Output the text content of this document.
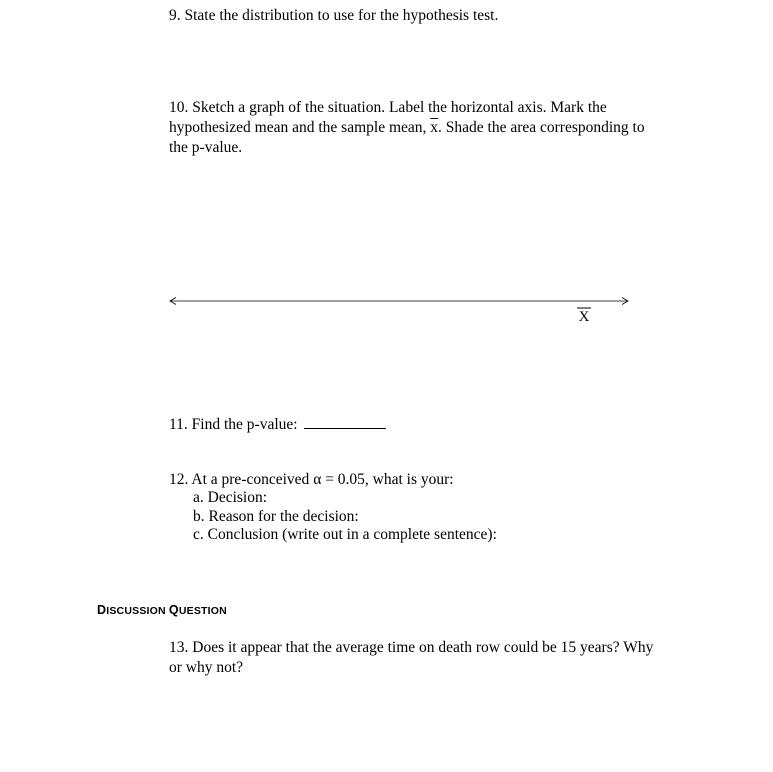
9. State the distribution to use for the hypothesis test.
10. Sketch a graph of the situation. Label the horizontal axis. Mark the
hypothesized mean and the sample mean, $\overline{x}$. Shade the area corresponding to
the p-value.
X
11. Find the p-value:
12. At a pre-conceived α = 0.05, what is your:
a. Decision:
b. Reason for the decision:
c. Conclusion (write out in a complete sentence):
DISCUSSION QUESTION
13. Does it appear that the average time on death row could be 15 years? Why
or why not?
